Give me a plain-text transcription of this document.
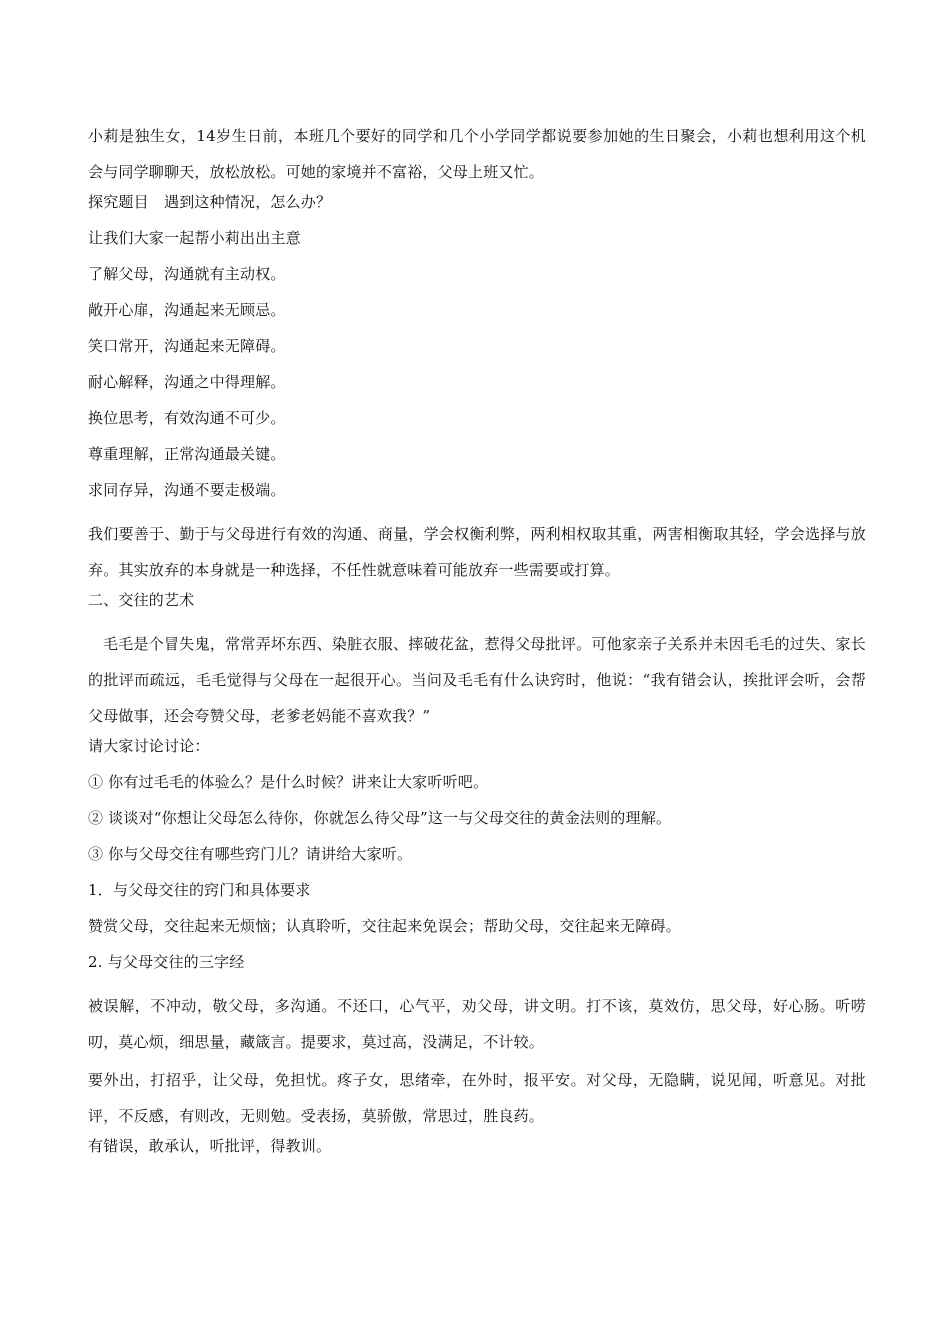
小莉是独生女，14岁生日前，本班几个要好的同学和几个小学同学都说要参加她的生日聚会，小莉也想利用这个机会与同学聊聊天，放松放松。可她的家境并不富裕，父母上班又忙。

探究题目　遇到这种情况，怎么办？

让我们大家一起帮小莉出出主意

了解父母，沟通就有主动权。

敞开心扉，沟通起来无顾忌。

笑口常开，沟通起来无障碍。

耐心解释，沟通之中得理解。

换位思考，有效沟通不可少。

尊重理解，正常沟通最关键。

求同存异，沟通不要走极端。

我们要善于、勤于与父母进行有效的沟通、商量，学会权衡利弊，两利相权取其重，两害相衡取其轻，学会选择与放弃。其实放弃的本身就是一种选择，不任性就意味着可能放弃一些需要或打算。

二、交往的艺术

毛毛是个冒失鬼，常常弄坏东西、染脏衣服、摔破花盆，惹得父母批评。可他家亲子关系并未因毛毛的过失、家长的批评而疏远，毛毛觉得与父母在一起很开心。当问及毛毛有什么诀窍时，他说：“我有错会认，挨批评会听，会帮父母做事，还会夸赞父母，老爹老妈能不喜欢我？”

请大家讨论讨论：

① 你有过毛毛的体验么？是什么时候？讲来让大家听听吧。

② 谈谈对“你想让父母怎么待你，你就怎么待父母”这一与父母交往的黄金法则的理解。

③ 你与父母交往有哪些窍门儿？请讲给大家听。

1．与父母交往的窍门和具体要求

赞赏父母，交往起来无烦恼；认真聆听，交往起来免误会；帮助父母，交往起来无障碍。

2. 与父母交往的三字经

被误解，不冲动，敬父母，多沟通。不还口，心气平，劝父母，讲文明。打不该，莫效仿，思父母，好心肠。听唠叨，莫心烦，细思量，藏箴言。提要求，莫过高，没满足，不计较。

要外出，打招乎，让父母，免担忧。疼子女，思绪牵，在外时，报平安。对父母，无隐瞒，说见闻，听意见。对批评，不反感，有则改，无则勉。受表扬，莫骄傲，常思过，胜良药。

有错误，敢承认，听批评，得教训。
